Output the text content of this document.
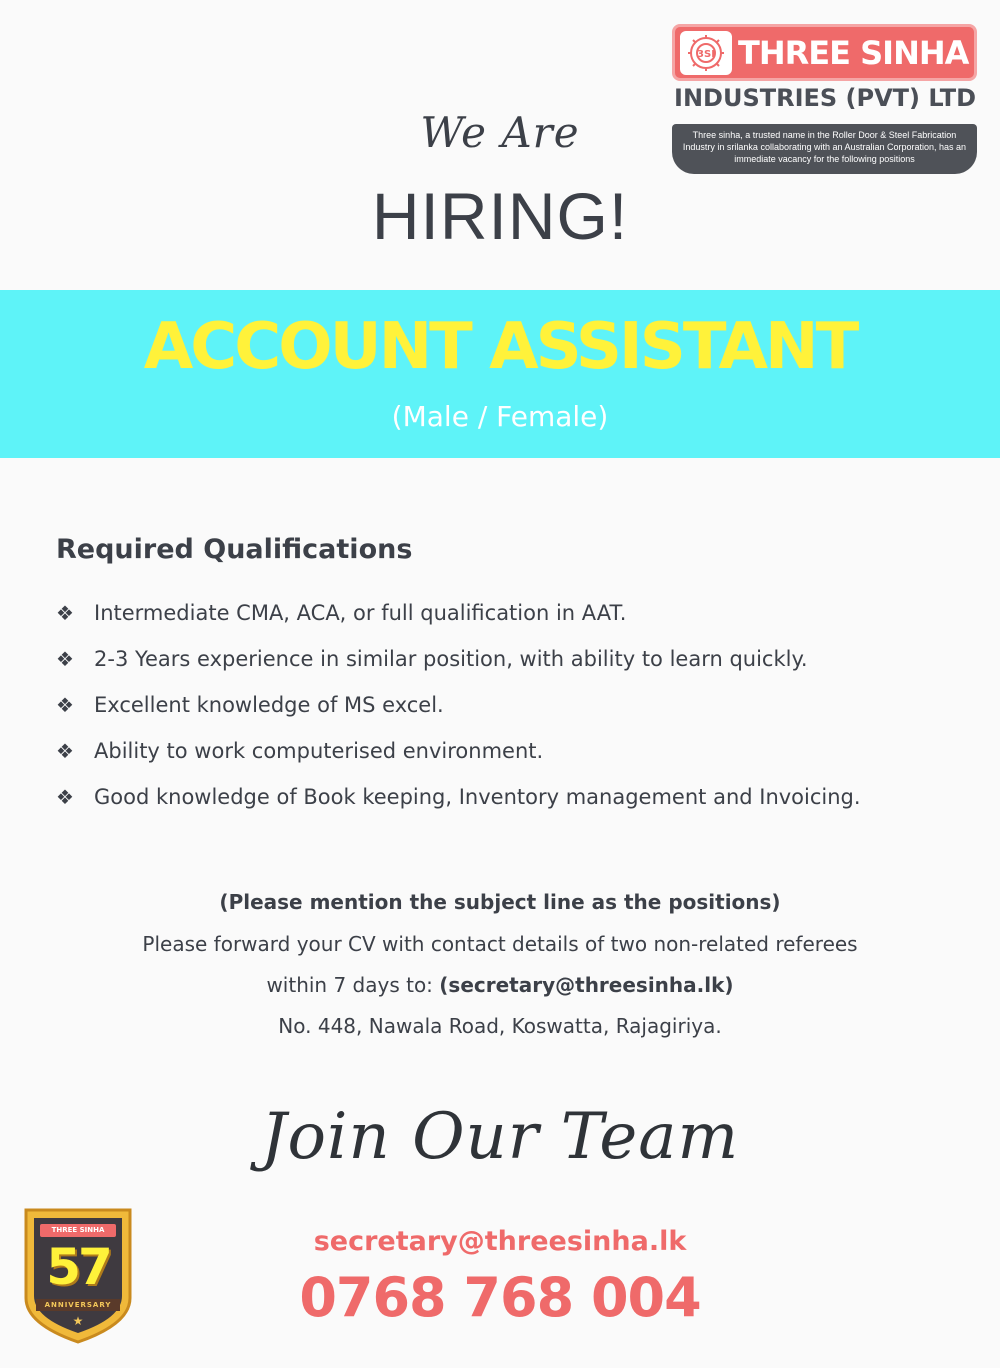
3SI THREE SINHA
INDUSTRIES (PVT) LTD
Three sinha, a trusted name in the Roller Door & Steel Fabrication Industry in srilanka collaborating with an Australian Corporation, has an immediate vacancy for the following positions
We Are
HIRING!
ACCOUNT ASSISTANT
(Male / Female)
Required Qualifications
❖ Intermediate CMA, ACA, or full qualification in AAT.
❖ 2-3 Years experience in similar position, with ability to learn quickly.
❖ Excellent knowledge of MS excel.
❖ Ability to work computerised environment.
❖ Good knowledge of Book keeping, Inventory management and Invoicing.
(Please mention the subject line as the positions)
Please forward your CV with contact details of two non-related referees
within 7 days to: (secretary@threesinha.lk)
No. 448, Nawala Road, Koswatta, Rajagiriya.
Join Our Team
secretary@threesinha.lk
0768 768 004
THREE SINHA
57
ANNIVERSARY
★
